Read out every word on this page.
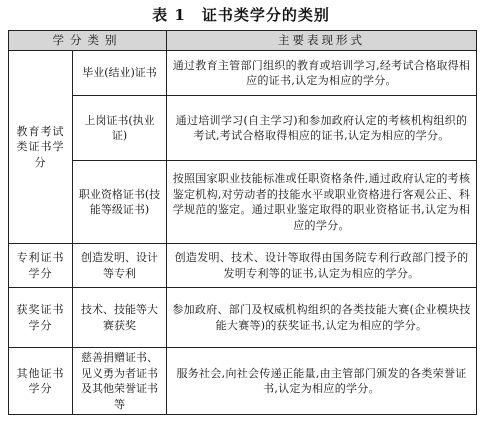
表 1 证书类学分的类别
学分类别		主要表现形式
教育考试类证书学分	毕业(结业)证书	通过教育主管部门组织的教育或培训学习,经考试合格取得相应的证书,认定为相应的学分。
	上岗证书(执业证)	通过培训学习(自主学习)和参加政府认定的考核机构组织的考试,考试合格取得相应的证书,认定为相应的学分。
	职业资格证书(技能等级证书)	按照国家职业技能标准或任职资格条件,通过政府认定的考核鉴定机构,对劳动者的技能水平或职业资格进行客观公正、科学规范的鉴定。通过职业鉴定取得的职业资格证书,认定为相应的学分。
专利证书学分	创造发明、设计等专利	创造发明、技术、设计等取得由国务院专利行政部门授予的发明专利等的证书,认定为相应的学分。
获奖证书学分	技术、技能等大赛获奖	参加政府、部门及权威机构组织的各类技能大赛(企业模块技能大赛等)的获奖证书,认定为相应的学分。
其他证书学分	慈善捐赠证书、见义勇为者证书及其他荣誉证书等	服务社会,向社会传递正能量,由主管部门颁发的各类荣誉证书,认定为相应的学分。
